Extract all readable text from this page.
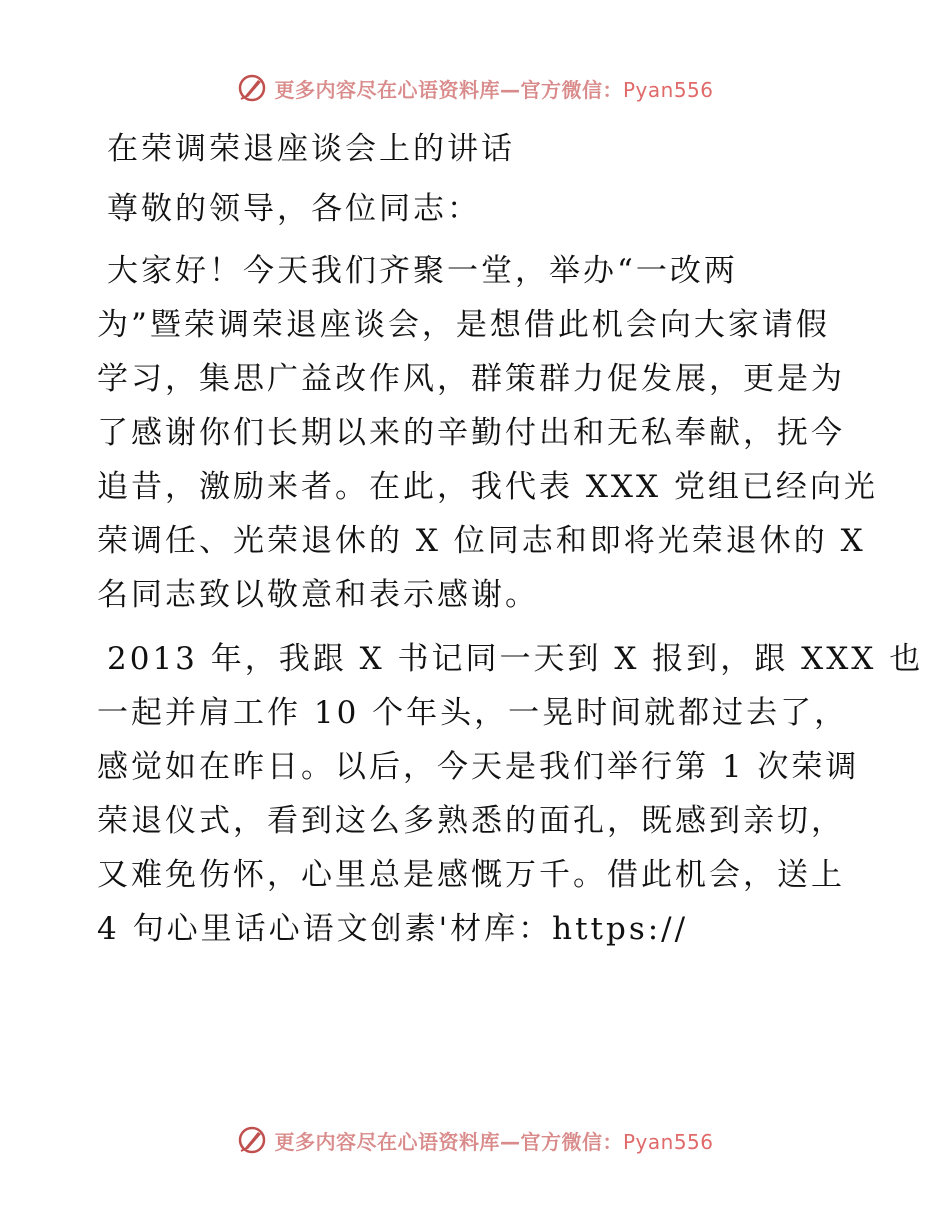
更多内容尽在心语资料库—官方微信：Pyan556
在荣调荣退座谈会上的讲话
尊敬的领导，各位同志：
大家好！今天我们齐聚一堂，举办“一改两
为”暨荣调荣退座谈会，是想借此机会向大家请假
学习，集思广益改作风，群策群力促发展，更是为
了感谢你们长期以来的辛勤付出和无私奉献，抚今
追昔，激励来者。在此，我代表 XXX 党组已经向光
荣调任、光荣退休的 X 位同志和即将光荣退休的 X
名同志致以敬意和表示感谢。
2013 年，我跟 X 书记同一天到 X 报到，跟 XXX 也
一起并肩工作 10 个年头，一晃时间就都过去了，
感觉如在昨日。以后，今天是我们举行第 1 次荣调
荣退仪式，看到这么多熟悉的面孔，既感到亲切，
又难免伤怀，心里总是感慨万千。借此机会，送上
4 句心里话心语文创素'材库：https://
更多内容尽在心语资料库—官方微信：Pyan556
